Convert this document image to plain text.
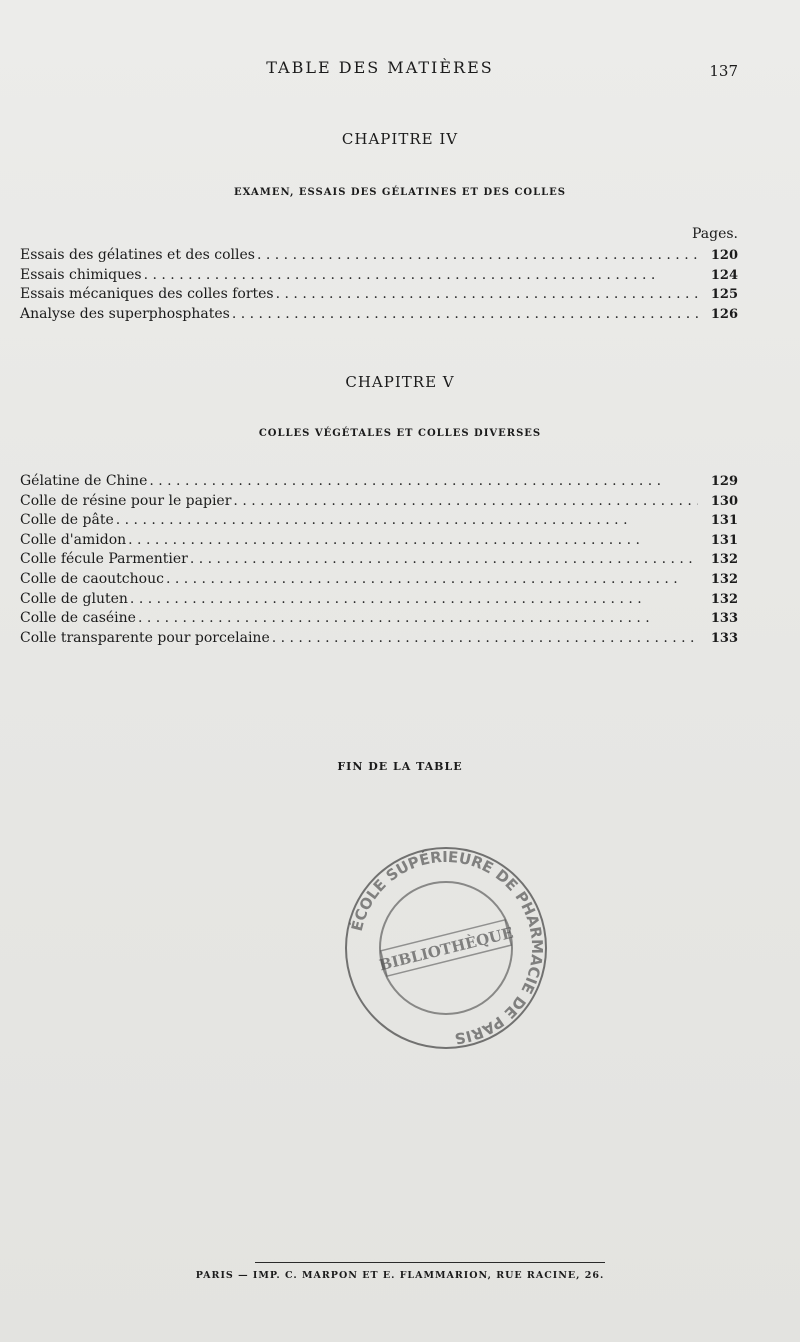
TABLE DES MATIÈRES	137
CHAPITRE IV
EXAMEN, ESSAIS DES GÉLATINES ET DES COLLES
Pages.
Essais des gélatines et des colles . . .	120
Essais chimiques . . .	124
Essais mécaniques des colles fortes . . .	125
Analyse des superphosphates . . .	126
CHAPITRE V
COLLES VÉGÉTALES ET COLLES DIVERSES
Gélatine de Chine . . .	129
Colle de résine pour le papier . . .	130
Colle de pâte . . .	131
Colle d'amidon . . .	131
Colle fécule Parmentier . . .	132
Colle de caoutchouc . . .	132
Colle de gluten . . .	132
Colle de caséine . . .	133
Colle transparente pour porcelaine . . .	133
FIN DE LA TABLE
ÉCOLE SUPÉRIEURE DE PHARMACIE DE PARIS
BIBLIOTHÈQUE
PARIS — IMP. C. MARPON ET E. FLAMMARION, RUE RACINE, 26.
